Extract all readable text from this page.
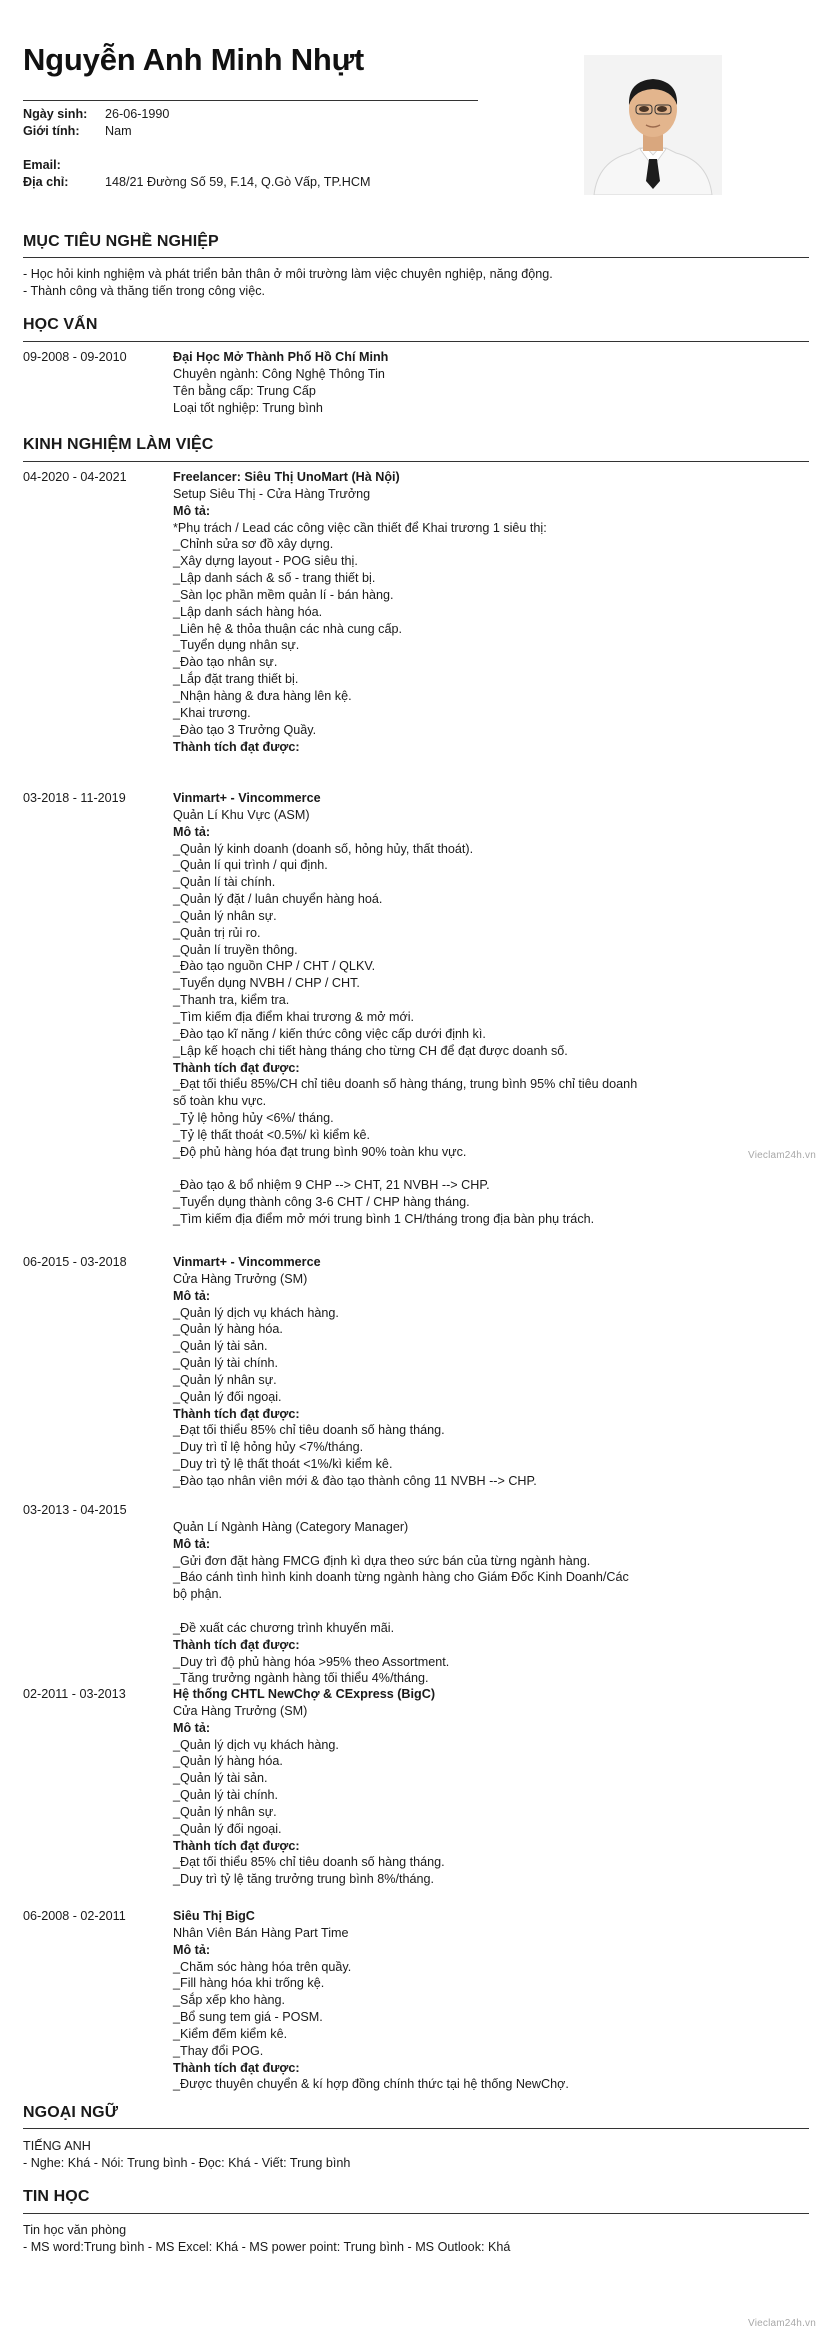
Nguyễn Anh Minh Nhựt
Ngày sinh: 26-06-1990
Giới tính: Nam
Email:
Địa chỉ:	148/21 Đường Số 59, F.14, Q.Gò Vấp, TP.HCM
MỤC TIÊU NGHỀ NGHIỆP

- Học hỏi kinh nghiệm và phát triển bản thân ở môi trường làm việc chuyên nghiệp, năng động.

- Thành công và thăng tiến trong công việc.

HỌC VẤN
09-2008 - 09-2010	Đại Học Mở Thành Phố Hồ Chí Minh

Chuyên ngành: Công Nghệ Thông Tin

Tên bằng cấp: Trung Cấp

Loại tốt nghiệp: Trung bình

KINH NGHIỆM LÀM VIỆC
04-2020 - 04-2021	Freelancer: Siêu Thị UnoMart (Hà Nội)

Setup Siêu Thị - Cửa Hàng Trưởng

Mô tả:

*Phụ trách / Lead các công việc cần thiết để Khai trương 1 siêu thị:

_Chỉnh sửa sơ đồ xây dựng.

_Xây dựng layout - POG siêu thị.

_Lập danh sách & số - trang thiết bị.

_Sàn lọc phần mềm quản lí - bán hàng.

_Lập danh sách hàng hóa.

_Liên hệ & thỏa thuận các nhà cung cấp.

_Tuyển dụng nhân sự.

_Đào tạo nhân sự.

_Lắp đặt trang thiết bị.

_Nhận hàng & đưa hàng lên kệ.

_Khai trương.

_Đào tạo 3 Trưởng Quầy.

Thành tích đạt được:

03-2018 - 11-2019	Vinmart+ - Vincommerce

Quản Lí Khu Vực (ASM)

Mô tả:

_Quản lý kinh doanh (doanh số, hỏng hủy, thất thoát).

_Quản lí qui trình / qui định.

_Quản lí tài chính.

_Quản lý đặt / luân chuyển hàng hoá.

_Quản lý nhân sự.

_Quản trị rủi ro.

_Quản lí truyền thông.

_Đào tạo nguồn CHP / CHT / QLKV.

_Tuyển dụng NVBH / CHP / CHT.

_Thanh tra, kiểm tra.

_Tìm kiếm địa điểm khai trương & mở mới.

_Đào tạo kĩ năng / kiến thức công việc cấp dưới định kì.

_Lập kế hoạch chi tiết hàng tháng cho từng CH để đạt được doanh số.

Thành tích đạt được:

_Đạt tối thiểu 85%/CH chỉ tiêu doanh số hàng tháng, trung bình 95% chỉ tiêu doanh số toàn khu vực.

_Tỷ lệ hỏng hủy <6%/ tháng.

_Tỷ lệ thất thoát <0.5%/ kì kiểm kê.

_Độ phủ hàng hóa đạt trung bình 90% toàn khu vực.

_Đào tạo & bổ nhiệm 9 CHP --> CHT, 21 NVBH --> CHP.

_Tuyển dụng thành công 3-6 CHT / CHP hàng tháng.

_Tìm kiếm địa điểm mở mới trung bình 1 CH/tháng trong địa bàn phụ trách.

06-2015 - 03-2018	Vinmart+ - Vincommerce

Cửa Hàng Trưởng (SM)

Mô tả:

_Quản lý dịch vụ khách hàng.

_Quản lý hàng hóa.

_Quản lý tài sản.

_Quản lý tài chính.

_Quản lý nhân sự.

_Quản lý đối ngoại.

Thành tích đạt được:

_Đạt tối thiểu 85% chỉ tiêu doanh số hàng tháng.

_Duy trì tỉ lệ hỏng hủy <7%/tháng.

_Duy trì tỷ lệ thất thoát <1%/kì kiểm kê.

_Đào tạo nhân viên mới & đào tạo thành công 11 NVBH --> CHP.

03-2013 - 04-2015

Quản Lí Ngành Hàng (Category Manager)

Mô tả:

_Gửi đơn đặt hàng FMCG định kì dựa theo sức bán của từng ngành hàng.

_Báo cánh tình hình kinh doanh từng ngành hàng cho Giám Đốc Kinh Doanh/Các bộ phận.

_Đề xuất các chương trình khuyến mãi.

Thành tích đạt được:

_Duy trì độ phủ hàng hóa >95% theo Assortment.

_Tăng trưởng ngành hàng tối thiểu 4%/tháng.

02-2011 - 03-2013	Hệ thống CHTL NewChợ & CExpress (BigC)

Cửa Hàng Trưởng (SM)

Mô tả:

_Quản lý dịch vụ khách hàng.

_Quản lý hàng hóa.

_Quản lý tài sản.

_Quản lý tài chính.

_Quản lý nhân sự.

_Quản lý đối ngoại.

Thành tích đạt được:

_Đạt tối thiểu 85% chỉ tiêu doanh số hàng tháng.

_Duy trì tỷ lệ tăng trưởng trung bình 8%/tháng.

06-2008 - 02-2011	Siêu Thị BigC

Nhân Viên Bán Hàng Part Time

Mô tả:

_Chăm sóc hàng hóa trên quầy.

_Fill hàng hóa khi trống kệ.

_Sắp xếp kho hàng.

_Bổ sung tem giá - POSM.

_Kiểm đếm kiểm kê.

_Thay đổi POG.

Thành tích đạt được:

_Được thuyên chuyển & kí hợp đồng chính thức tại hệ thống NewChợ.

NGOẠI NGỮ

TIẾNG ANH

- Nghe: Khá - Nói: Trung bình - Đọc: Khá - Viết: Trung bình

TIN HỌC

Tin học văn phòng

- MS word:Trung bình - MS Excel: Khá - MS power point: Trung bình - MS Outlook: Khá

Vieclam24h.vn
Vieclam24h.vn
